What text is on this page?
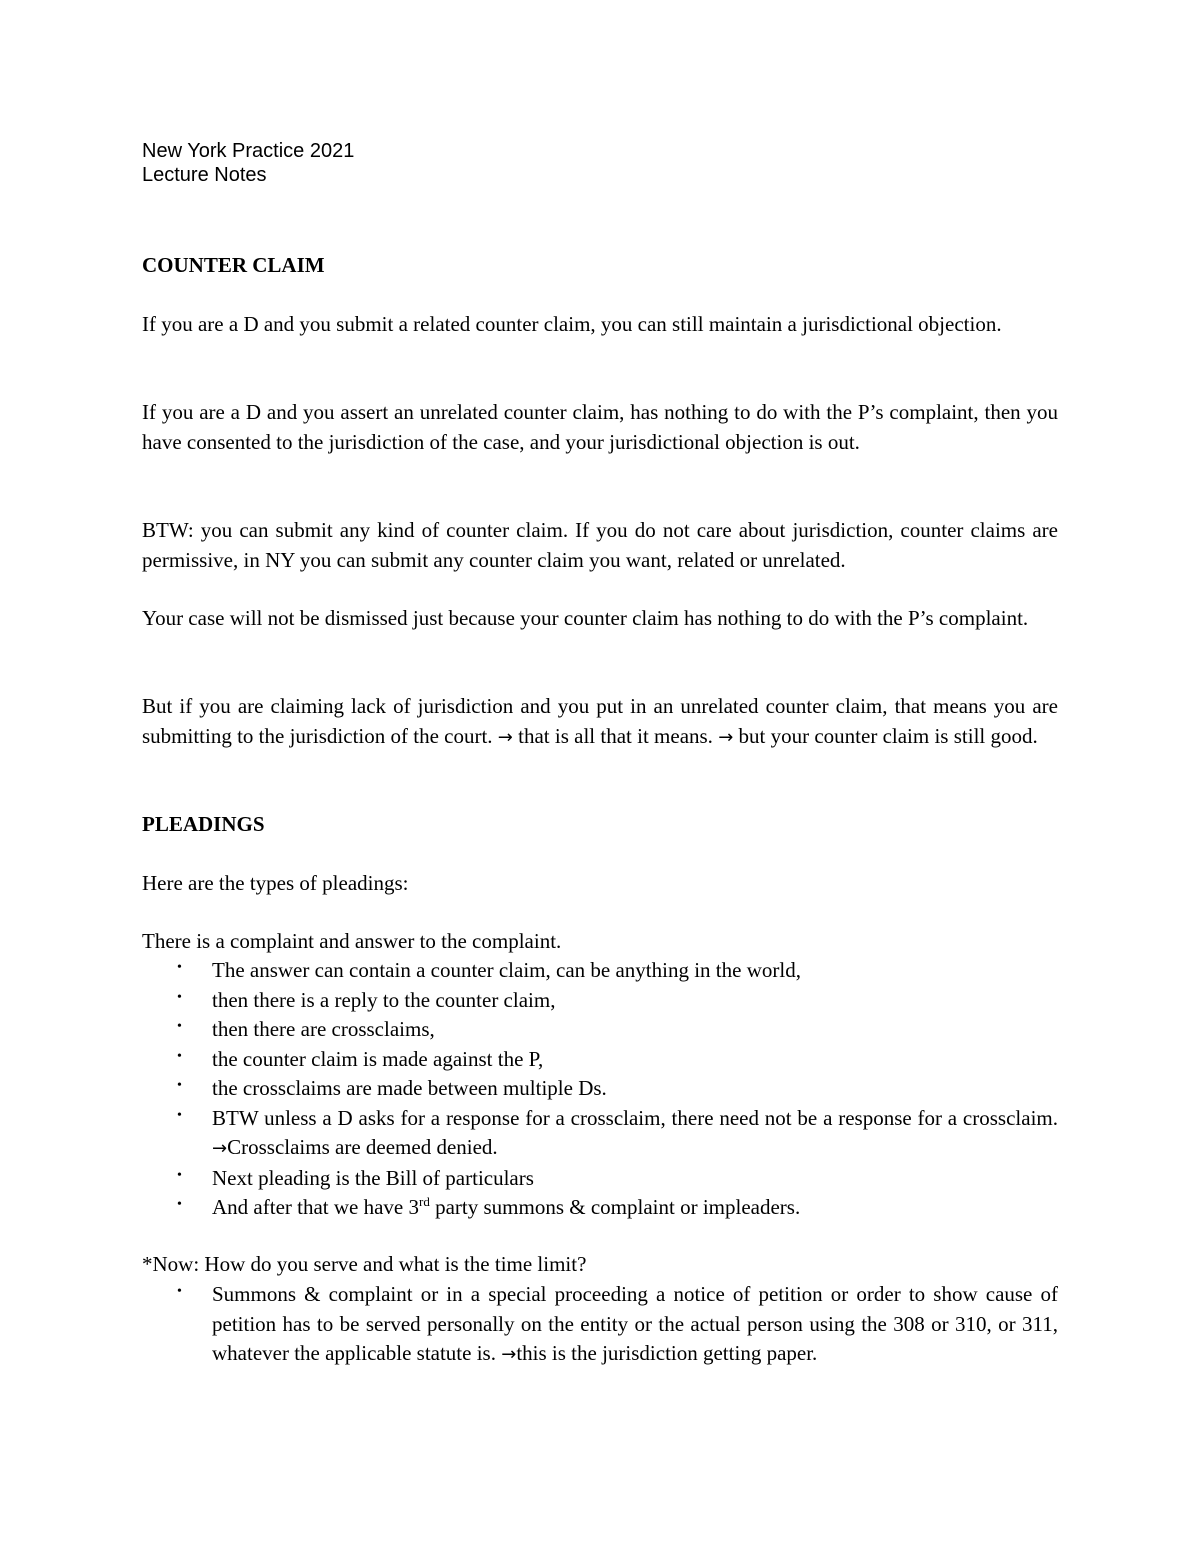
New York Practice 2021
Lecture Notes

COUNTER CLAIM

If you are a D and you submit a related counter claim, you can still maintain a jurisdictional objection.

If you are a D and you assert an unrelated counter claim, has nothing to do with the P’s complaint, then you have consented to the jurisdiction of the case, and your jurisdictional objection is out.

BTW: you can submit any kind of counter claim. If you do not care about jurisdiction, counter claims are permissive, in NY you can submit any counter claim you want, related or unrelated.

Your case will not be dismissed just because your counter claim has nothing to do with the P’s complaint.

But if you are claiming lack of jurisdiction and you put in an unrelated counter claim, that means you are submitting to the jurisdiction of the court. → that is all that it means. → but your counter claim is still good.

PLEADINGS

Here are the types of pleadings:

There is a complaint and answer to the complaint.

• The answer can contain a counter claim, can be anything in the world,
• then there is a reply to the counter claim,
• then there are crossclaims,
• the counter claim is made against the P,
• the crossclaims are made between multiple Ds.
• BTW unless a D asks for a response for a crossclaim, there need not be a response for a crossclaim. →Crossclaims are deemed denied.
• Next pleading is the Bill of particulars
• And after that we have 3rd party summons & complaint or impleaders.

*Now: How do you serve and what is the time limit?

• Summons & complaint or in a special proceeding a notice of petition or order to show cause of petition has to be served personally on the entity or the actual person using the 308 or 310, or 311, whatever the applicable statute is. →this is the jurisdiction getting paper.
